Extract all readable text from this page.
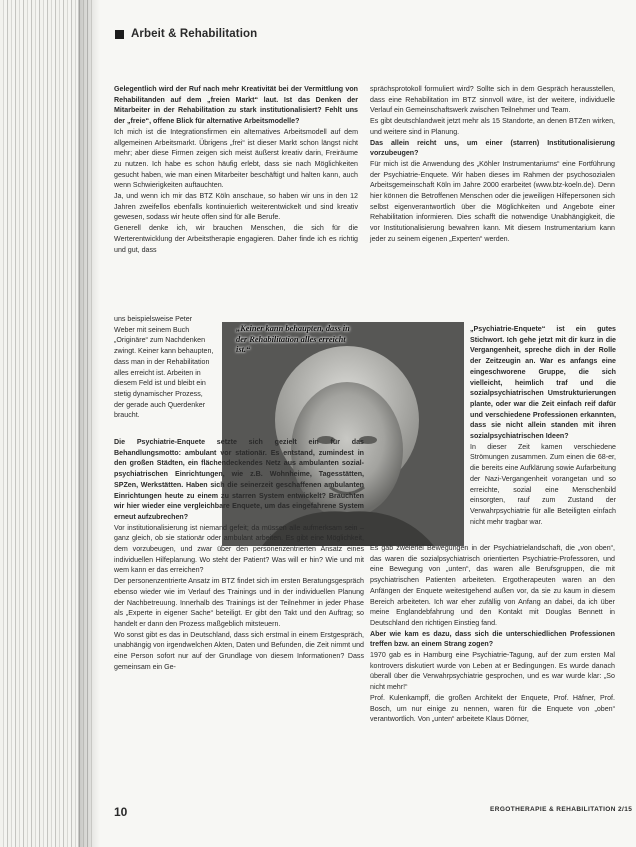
Arbeit & Rehabilitation

Gelegentlich wird der Ruf nach mehr Kreativität bei der Vermittlung von Rehabilitanden auf dem „freien Markt“ laut. Ist das Denken der Mitarbeiter in der Rehabilitation zu stark institutionalisiert? Fehlt uns der „freie“, offene Blick für alternative Arbeitsmodelle?

Ich mich ist die Integrationsfirmen ein alternatives Arbeitsmodell auf dem allgemeinen Arbeitsmarkt. Übrigens „frei“ ist dieser Markt schon längst nicht mehr; aber diese Firmen zeigen sich meist äußerst kreativ darin, Freiräume zu nutzen. Ich habe es schon häufig erlebt, dass sie nach Möglichkeiten gesucht haben, wie man einen Mitarbeiter beschäftigt und halten kann, auch wenn Schwierigkeiten auftauchten.

Ja, und wenn ich mir das BTZ Köln anschaue, so haben wir uns in den 12 Jahren zweifellos ebenfalls kontinuierlich weiterentwickelt und sind kreativ gewesen, sodass wir heute offen sind für alle Berufe.

Generell denke ich, wir brauchen Menschen, die sich für die Werterentwicklung der Arbeitstherapie engagieren. Daher finde ich es richtig und gut, dass

uns beispielsweise Peter Weber mit seinem Buch „Originäre“ zum Nachdenken zwingt. Keiner kann behaupten, dass man in der Rehabilitation alles erreicht ist. Arbeiten in diesem Feld ist und bleibt ein stetig dynamischer Prozess, der gerade auch Querdenker braucht.
„Keiner kann behaupten, dass in der Rehabilitation alles erreicht ist.“

Die Psychiatrie-Enquete setzte sich gezielt ein für das Behandlungsmotto: ambulant vor stationär. Es entstand, zumindest in den großen Städten, ein flächendeckendes Netz aus ambulanten sozial-psychiatrischen Einrichtungen, wie z.B. Wohnheime, Tagesstätten, SPZen, Werkstätten. Haben sich die seinerzeit geschaffenen ambulanten Einrichtungen heute zu einem zu starren System entwickelt? Brauchten wir hier wieder eine vergleichbare Enquete, um das eingefahrene System erneut aufzubrechen?

Vor institutionalisierung ist niemand gefeit; da müssen alle aufmerksam sein – ganz gleich, ob sie stationär oder ambulant arbeiten. Es gibt eine Möglichkeit, dem vorzubeugen, und zwar über den personenzentrierten Ansatz eines individuellen Hilfeplanung. Wo steht der Patient? Was will er hin? Wie und mit wem kann er das erreichen?

Der personenzentrierte Ansatz im BTZ findet sich im ersten Beratungsgespräch ebenso wieder wie im Verlauf des Trainings und in der individuellen Planung der Nachbetreuung. Innerhalb des Trainings ist der Teilnehmer in jeder Phase als „Experte in eigener Sache“ beteiligt. Er gibt den Takt und den Auftrag; so handelt er dann den Prozess maßgeblich mitsteuern.

Wo sonst gibt es das in Deutschland, dass sich erstmal in einem Erstgespräch, unabhängig von irgendwelchen Akten, Daten und Befunden, die Zeit nimmt und eine Person sofort nur auf der Grundlage von diesem Informationen? Dass gemeinsam ein Ge-

sprächsprotokoll formuliert wird? Sollte sich in dem Gespräch herausstellen, dass eine Rehabilitation im BTZ sinnvoll wäre, ist der weitere, individuelle Verlauf ein Gemeinschaftswerk zwischen Teilnehmer und Team.

Es gibt deutschlandweit jetzt mehr als 15 Standorte, an denen BTZen wirken, und weitere sind in Planung.

Das allein reicht uns, um einer (starren) Institutionalisierung vorzubeugen?

Für mich ist die Anwendung des „Köhler Instrumentariums“ eine Fortführung der Psychiatrie-Enquete. Wir haben dieses im Rahmen der psychosozialen Arbeitsgemeinschaft Köln im Jahre 2000 erarbeitet (www.btz-koeln.de). Denn hier können die Betroffenen Menschen oder die jeweiligen Hilfepersonen sich selbst eigenverantwortlich über die Möglichkeiten und Angebote einer Rehabilitation informieren. Dies schafft die notwendige Unabhängigkeit, die vor Institutionalisierung bewahren kann. Mit diesem Instrumentarium kann jeder zu seinem eigenen „Experten“ werden.

„Psychiatrie-Enquete“ ist ein gutes Stichwort. Ich gehe jetzt mit dir kurz in die Vergangenheit, spreche dich in der Rolle der Zeitzeugin an. War es anfangs eine eingeschworene Gruppe, die sich vielleicht, heimlich traf und die sozialpsychiatrischen Umstrukturierungen plante, oder war die Zeit einfach reif dafür und verschiedene Professionen erkannten, dass sie nicht allein standen mit ihren sozialpsychiatrischen Ideen?

In dieser Zeit kamen verschiedene Strömungen zusammen. Zum einen die 68-er, die bereits eine Aufklärung sowie Aufarbeitung der Nazi-Vergangenheit vorangetan und so erreichte, sozial eine Menschenbild einsorgten, rauf zum Zustand der Verwahrpsychiatrie für alle Beteiligten einfach nicht mehr tragbar war.

Es gab zweierlei Bewegungen in der Psychiatrielandschaft, die „von oben“, das waren die sozialpsychiatrisch orientierten Psychiatrie-Professoren, und eine Bewegung von „unten“, das waren alle Berufsgruppen, die mit psychiatrischen Patienten arbeiteten. Ergotherapeuten waren an den Anfängen der Enquete weitestgehend außen vor, da sie zu kaum in diesem Bereich arbeiteten. Ich war eher zufällig von Anfang an dabei, da ich über meine Englandebfahrung und den Kontakt mit Douglas Bennett in Deutschland den richtigen Einstieg fand.

Aber wie kam es dazu, dass sich die unterschiedlichen Professionen treffen bzw. an einem Strang zogen?

1970 gab es in Hamburg eine Psychiatrie-Tagung, auf der zum ersten Mal kontrovers diskutiert wurde von Leben at er Bedingungen. Es wurde danach überall über die Verwahrpsychiatrie gesprochen, und es war wurde klar: „So nicht mehr!“

Prof. Kulenkampff, die großen Architekt der Enquete, Prof. Häfner, Prof. Bosch, um nur einige zu nennen, waren für die Enquete von „oben“ verantwortlich. Von „unten“ arbeitete Klaus Dörner,

10	ERGOTHERAPIE & REHABILITATION 2/15
